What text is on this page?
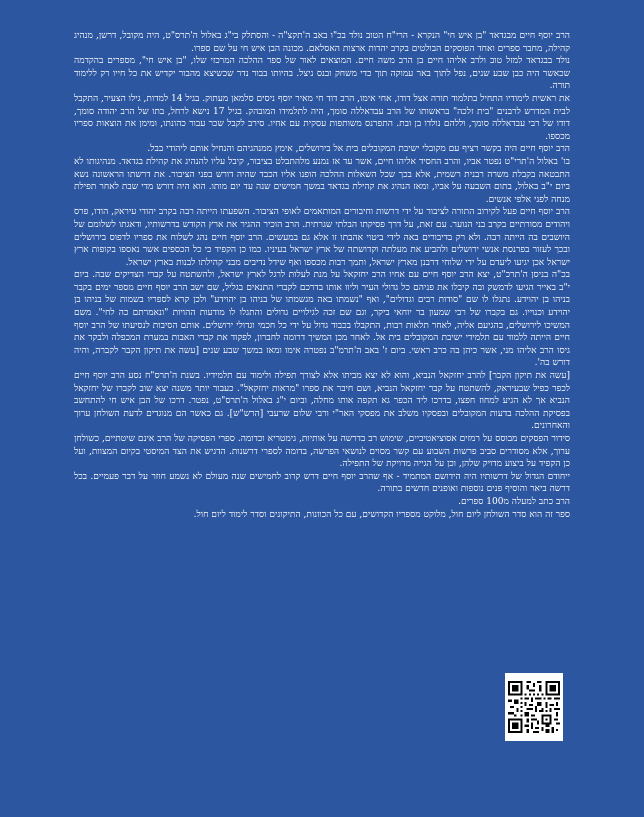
הרב יוסף חיים מבגדאד "בן איש חי" הנקרא - הרי"ח הטוב נולד בכ"ו באב ה'תקצ"ה - והסתלק בי"ג באלול ה'תרס"ט, היה מקובל, דרשן, מנהיג קהילה, מחבר ספרים ואחד הפוסקים הבולטים בקרב יהדות ארצות האסלאם. מכונה הבן איש חי על שם ספרו.

נולד בבגדאד למזל טוב ולרב אליהו חיים בן הרב משה חיים. המוצאים לאור של ספר ההלכה המרכזי שלו, "בן איש חי", מספרים בהקדמה שכאשר היה כבן שבע שנים, נפל לתוך באר עמוקה תוך כדי משחק ובנס ניצל. בהיותו בבור נדר שכשיצא מהבור יקדיש את כל חייו רק ללימוד תורה.

את ראשית לימודיו התחיל בתלמוד תורה אצל דודו, אחי אימו, הרב דוד חי מאיר יוסף ניסים סלמאן מעתוק. בגיל 14 למדות, גילו הצעיר, התקבל לבית המדרש לרבנים "בית זלכה" בראשותו של הרב עבדאללה סומך, היה לתלמידו המובהק. בגיל 17 נישא לרחל, בתו של הרב יהודה סומך, דודו של רבי עבדאללה סומך, וללהם נולדו בן ובת. התפרנס משותפות עסקית עם אחיו. סירב לקבל שכר עבור כהונתו, ומימן את הוצאות ספריו מכספו.

הרב יוסף חיים היה בקשר רציף עם מקובלי ישיבת המקובלים בית אל בירושלים, אימץ ממנהגיהם והנחיל אותם ליהודי בבל.

בו' באלול ה'תרי"ט נפטר אביו, והרב החסיד אליהו חיים, אשר עד אז נמנע מלהתבלט בציבור, קיבל עליו להנהיג את קהילת בגדאד. מנהיגותו לא התבטאה בקבלת משרה רבנית רשמית, אלא בכך שכל השאלות ההלכה הופנו אליו הכבד שהיה דורש בפני הציבור. את דרשתו הראשונה נשא ביום י"ב באלול, בתום השבעה על אביו, ומאז הנהיג את קהילת בגדאד במשך חמישים שנה עד יום מותו. הוא היה דורש מדי שבת לאחר תפילת מנחה לפני אלפי אנשים.

הרב יוסף חיים פעל לקירוב התורה לציבור על ידי דרשות וחיבורים המותאמים לאופי הציבור. השפעתו הייתה רבה בקרב יהודי עיראק, הודו, פרס ויהודים מסורתיים בקרב בני הנוער. עם זאת, על דרך פסיקתו הבלתי שגרתית. הרב הוכיר ההגיר את ארץ הקודש בדרשותיו, ודאגתו לשלומם של היושבים בה הייתה רבה. ולא רק בדיבורים באה לידי ביטוי אהבתו זו אלא גם במעשים. הרב יוסף חיים נהג לשלוח את ספריו לדפוס בירושלים ובכך לעזור בפרנסת אנשי ירושלים ולהביע את מעלתה וקדושתה של ארץ ישראל בעיניו. כמו כן הקפיד כי כל הכספים אשר נאספו בקופות ארץ ישראל אכן יגיעו ליעדם על ידי שלוחי דרבנן מארץ ישראל, ותמך רבות מכספו ואף שידל נדיבים מבני קהילתו לבנות בארץ ישראל.

בכ"ה בניסן ה'תרכ"ט, יצא הרב יוסף חיים עם אחיו הרב יחזקאל על מנת לעלות לרגל לארץ ישראל, ולהשתטח על קברי הצדיקים שבה. ביום י"ב באייר הגיעו לדמשק ובה קיבלו את פניהם כל גדולי העיר וליוו אותו בדרכם לקברי התנאים בגליל, שם ישב הרב יוסף חיים מספר ימים בקבר בניהו בן יהוידע. נתגלו לו שם "סודות רבים וגדולים", ואף "נשמתו באה מגשמתו של בניהו בן יהוידע" ולכן קרא לספריו בשמות של בניהו בן יהוידע וכנוייו. גם בקברו של רבי שמעון בר יוחאי ביקר, וגם שם זכה לגילויים גדולים והתגלו לו מודעות ההויות "ונאמרתם כה לחי". משם המשיכו לירושלים, בהגיעם אליה, לאחר תלאות רבות, התקבלו בכבוד גדול על ידי כל חכמי וגדולי ירושלים. אותם הסיבות לנסיעתו של הרב יוסף חיים הייתה ללמוד עם תלמידי ישיבת המקובלים בית אל. לאחר מכן המשיך דרומה לחברון, לפקוד את קברי האבות במערת המכפלה ולבקר את גיסו הרב אליהו מני, אשר כיהן בה כרב ראשי. ביום ז' באב ה'תרמ"ב נפטרה אימו ומאז במשך שבע שנים [עשה את תיקון הקבר לקברה, והיה דורש בה'.

[עשה את תיקון הקבר] להרב יחזקאל הנביא, והוא לא יצא מביתו אלא לצורך תפילה ולימוד עם תלמידיו. בשנת ה'תרס"ח נסע הרב יוסף חיים לכפר כפיל שבעיראק, להשתטח על קבר יחזקאל הנביא, ושם חיבר את ספרו "מראות יחזקאל". כעבור יותר משנה יצא שוב לקברו של יחזקאל הנביא אך לא הגיע למחוז חפצו, בדרכו ליד הכפר גא תקפה אותו מחלה, וביום י"ג באלול ה'תרס"ט, נפטר. דרכו של הבן איש חי להתחשב בפסיקת ההלכה בדעות המקובלים ובפסקיו משלב את מפסקי האר"י ורבי שלום שרעבי [הרש"ש]. גם כאשר הם מנוגדים לדעת השולחן ערוך והאחרונים.

סידור הפסקים מבוסס על רמזים אסוציאטיביים, שימוש רב בדרשה על אותיות, גימטריא וכדומה. ספרי הפסיקה של הרב אינם שיטתיים, כשולחן ערוך, אלא מסודרים סביב פרשות השבוע עם קשר מסוים לנושאי הפרשה, בדומה לספרי דרשנות. הדגיש את הצד המיסטי בקיום המצוות, ועל כן הקפיד על ביצוע מדויק שלהן, וכן על הגייה מדויקת של התפילה.

ייחודם הגדול של דרשותיו היה הידושם המתמיד - אף שהרב יוסף חיים דרש קרוב לחמישים שנה מעולם לא נשמע חוזר על דבר פעמיים. בכל דרשה ביאר והוסיף פנים נוספות ואופנים חדשים בתורה.

הרב כתב למעלה מ100 ספרים.

ספר זה הוא סדר השולחן ליום חול, מלוקט מספריו הקדושים, עם כל הכוונות, התיקונים וסדר לימוד ליום חול.
